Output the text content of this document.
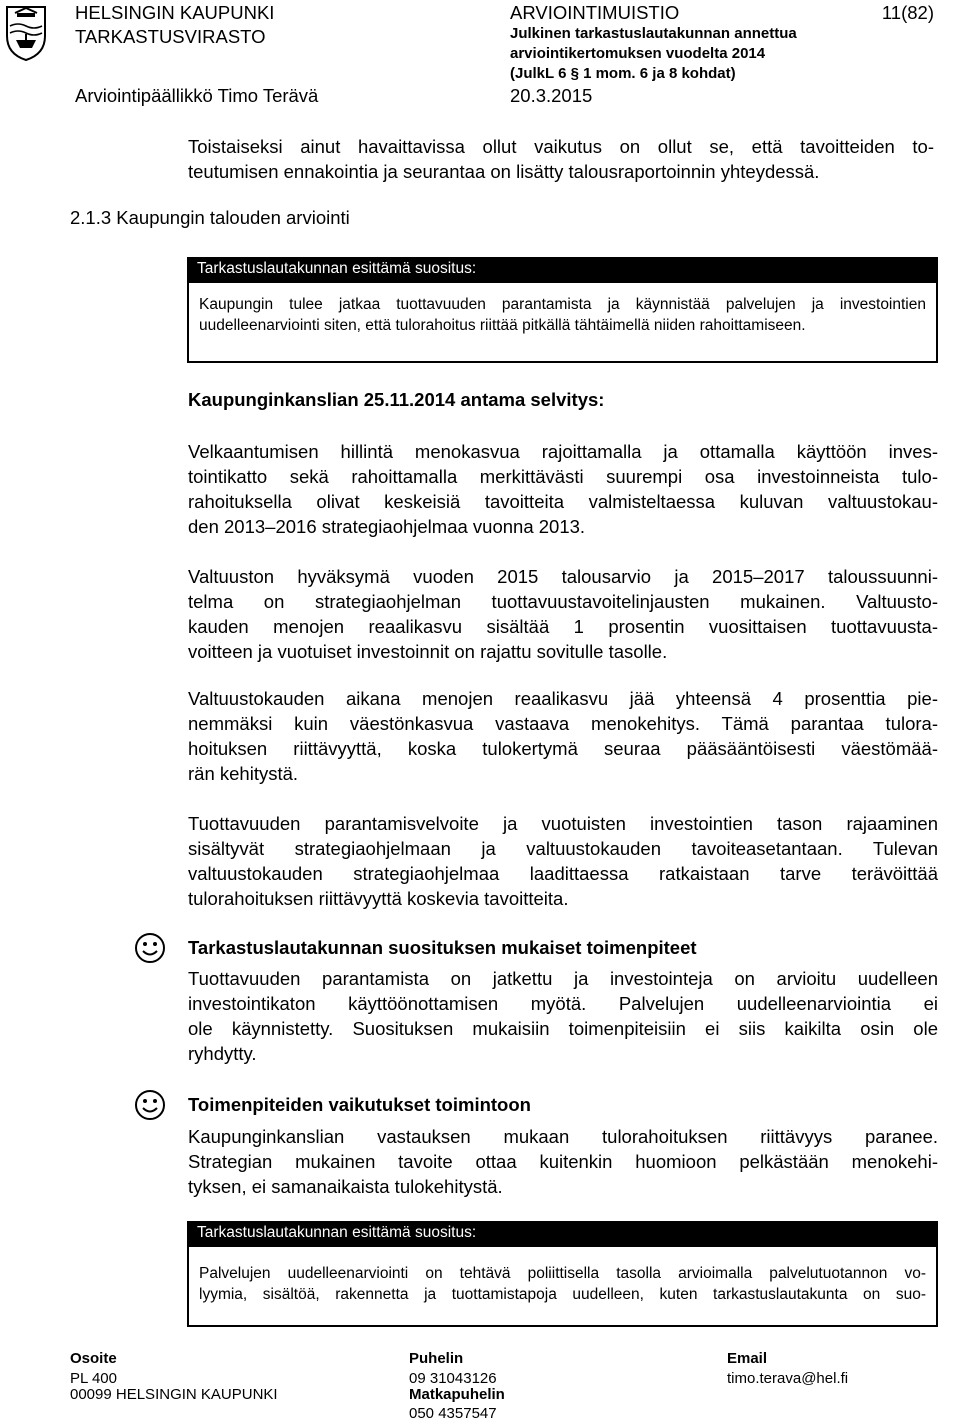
HELSINGIN KAUPUNKI
TARKASTUSVIRASTO
Arviointipäällikkö Timo Terävä
ARVIOINTIMUISTIO
Julkinen tarkastuslautakunnan annettua
arviointikertomuksen vuodelta 2014
(JulkL 6 § 1 mom. 6 ja 8 kohdat)
20.3.2015
11(82)
Toistaiseksi ainut havaittavissa ollut vaikutus on ollut se, että tavoitteiden to-
teutumisen ennakointia ja seurantaa on lisätty talousraportoinnin yhteydessä.
2.1.3 Kaupungin talouden arviointi
Tarkastuslautakunnan esittämä suositus:
Kaupungin tulee jatkaa tuottavuuden parantamista ja käynnistää palvelujen ja investointien
uudelleenarviointi siten, että tulorahoitus riittää pitkällä tähtäimellä niiden rahoittamiseen.
Kaupunginkanslian 25.11.2014 antama selvitys:
Velkaantumisen hillintä menokasvua rajoittamalla ja ottamalla käyttöön inves-
tointikatto sekä rahoittamalla merkittävästi suurempi osa investoinneista tulo-
rahoituksella olivat keskeisiä tavoitteita valmisteltaessa kuluvan valtuustokau-
den 2013–2016 strategiaohjelmaa vuonna 2013.
Valtuuston hyväksymä vuoden 2015 talousarvio ja 2015–2017 taloussuunni-
telma on strategiaohjelman tuottavuustavoitelinjausten mukainen. Valtuusto-
kauden menojen reaalikasvu sisältää 1 prosentin vuosittaisen tuottavuusta-
voitteen ja vuotuiset investoinnit on rajattu sovitulle tasolle.
Valtuustokauden aikana menojen reaalikasvu jää yhteensä 4 prosenttia pie-
nemmäksi kuin väestönkasvua vastaava menokehitys. Tämä parantaa tulora-
hoituksen riittävyyttä, koska tulokertymä seuraa pääsääntöisesti väestömää-
rän kehitystä.
Tuottavuuden parantamisvelvoite ja vuotuisten investointien tason rajaaminen
sisältyvät strategiaohjelmaan ja valtuustokauden tavoiteasetantaan. Tulevan
valtuustokauden strategiaohjelmaa laadittaessa ratkaistaan tarve terävöittää
tulorahoituksen riittävyyttä koskevia tavoitteita.
Tarkastuslautakunnan suosituksen mukaiset toimenpiteet
Tuottavuuden parantamista on jatkettu ja investointeja on arvioitu uudelleen
investointikaton käyttöönottamisen myötä. Palvelujen uudelleenarviointia ei
ole käynnistetty. Suosituksen mukaisiin toimenpiteisiin ei siis kaikilta osin ole
ryhdytty.
Toimenpiteiden vaikutukset toimintoon
Kaupunginkanslian vastauksen mukaan tulorahoituksen riittävyys paranee.
Strategian mukainen tavoite ottaa kuitenkin huomioon pelkästään menokehi-
tyksen, ei samanaikaista tulokehitystä.
Tarkastuslautakunnan esittämä suositus:
Palvelujen uudelleenarviointi on tehtävä poliittisella tasolla arvioimalla palvelutuotannon vo-
lyymia, sisältöä, rakennetta ja tuottamistapoja uudelleen, kuten tarkastuslautakunta on suo-
Osoite
PL 400
00099 HELSINGIN KAUPUNKI
Puhelin
09 31043126
Matkapuhelin
050 4357547
Email
timo.terava@hel.fi
